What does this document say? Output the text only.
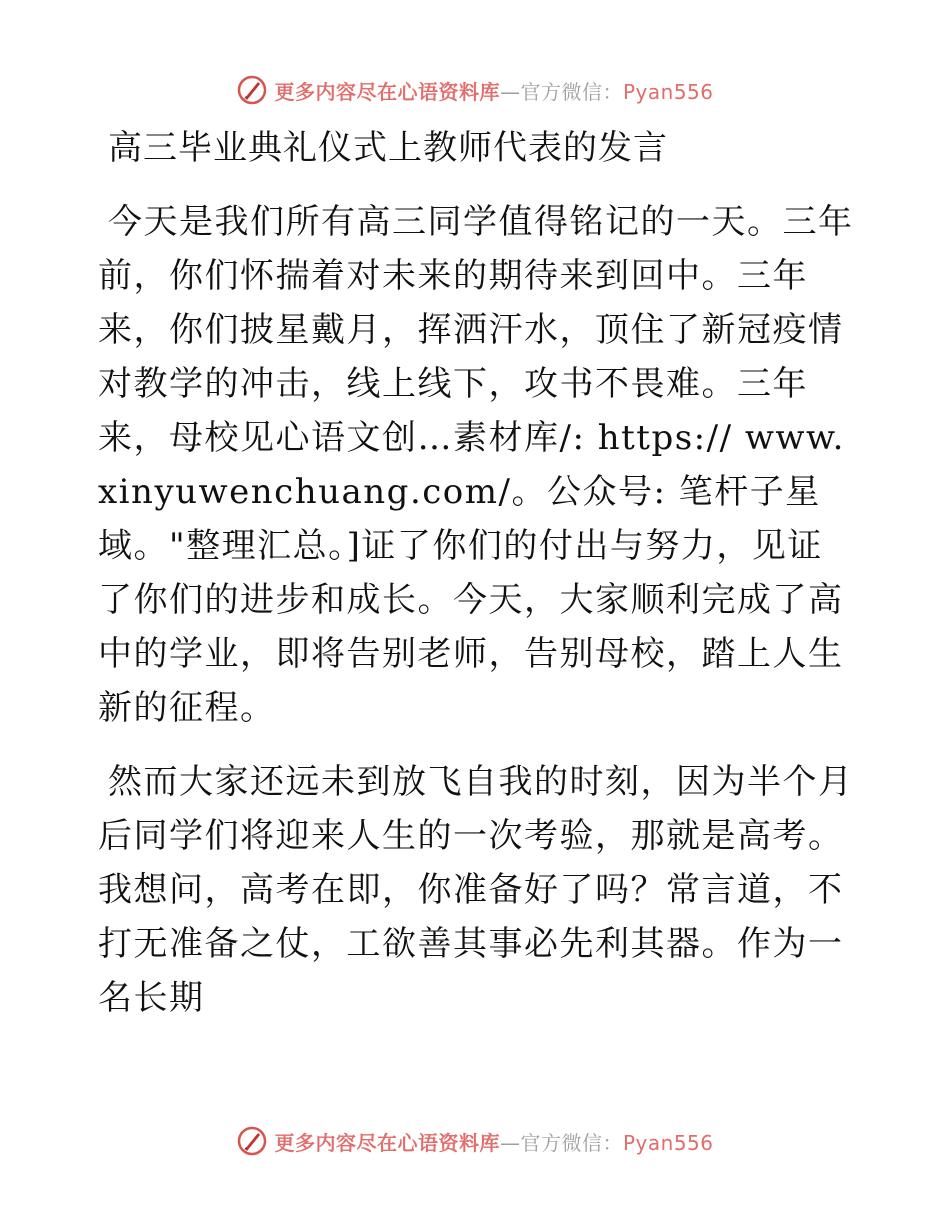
更多内容尽在心语资料库—官方微信：Pyan556
高三毕业典礼仪式上教师代表的发言

今天是我们所有高三同学值得铭记的一天。三年前，你们怀揣着对未来的期待来到回中。三年来，你们披星戴月，挥洒汗水，顶住了新冠疫情对教学的冲击，线上线下，攻书不畏难。三年来，母校见心语文创…素材库/: https:// www.xinyuwenchuang.com/。公众号: 笔杆子星域。"整理汇总。]证了你们的付出与努力，见证了你们的进步和成长。今天，大家顺利完成了高中的学业，即将告别老师，告别母校，踏上人生新的征程。

然而大家还远未到放飞自我的时刻，因为半个月后同学们将迎来人生的一次考验，那就是高考。我想问，高考在即，你准备好了吗？常言道，不打无准备之仗，工欲善其事必先利其器。作为一名长期

更多内容尽在心语资料库—官方微信：Pyan556
